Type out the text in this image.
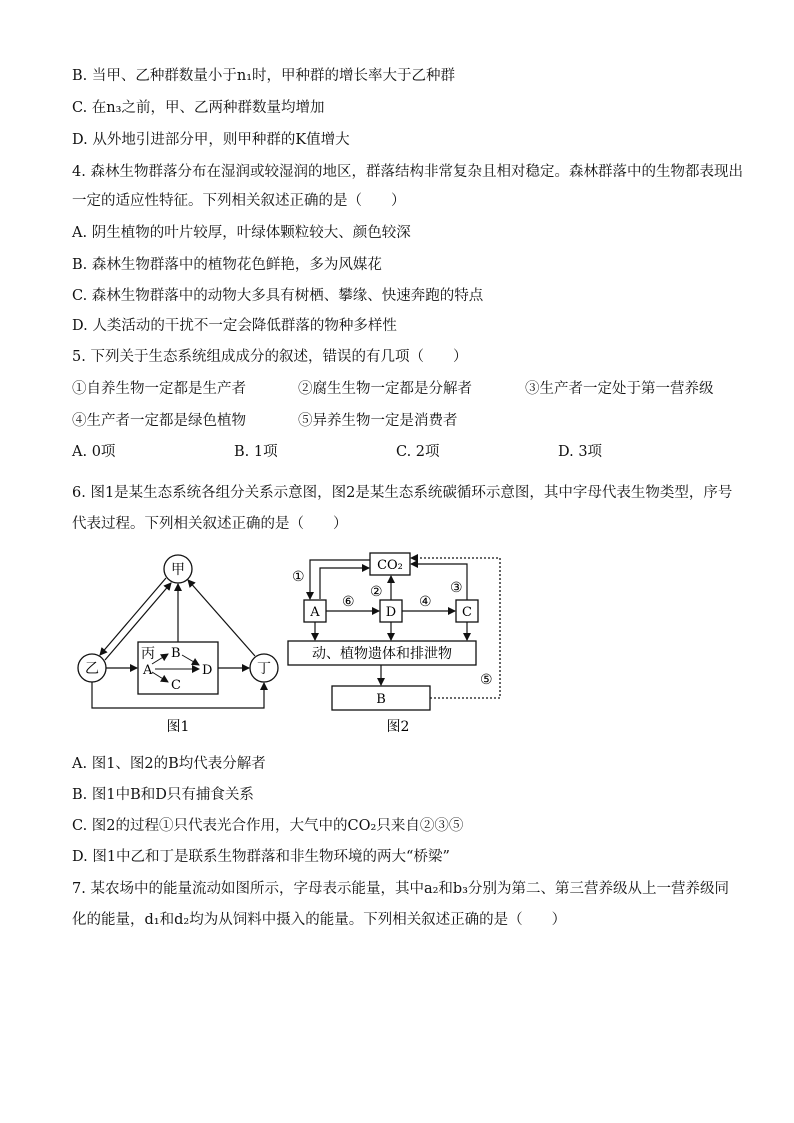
B. 当甲、乙种群数量小于n₁时，甲种群的增长率大于乙种群
C. 在n₃之前，甲、乙两种群数量均增加
D. 从外地引进部分甲，则甲种群的K值增大
4. 森林生物群落分布在湿润或较湿润的地区，群落结构非常复杂且相对稳定。森林群落中的生物都表现出
一定的适应性特征。下列相关叙述正确的是（　　）
A. 阴生植物的叶片较厚，叶绿体颗粒较大、颜色较深
B. 森林生物群落中的植物花色鲜艳，多为风媒花
C. 森林生物群落中的动物大多具有树栖、攀缘、快速奔跑的特点
D. 人类活动的干扰不一定会降低群落的物种多样性
5. 下列关于生态系统组成成分的叙述，错误的有几项（　　）
①自养生物一定都是生产者	②腐生生物一定都是分解者	③生产者一定处于第一营养级
④生产者一定都是绿色植物	⑤异养生物一定是消费者
A. 0项	B. 1项	C. 2项	D. 3项
6. 图1是某生态系统各组分关系示意图，图2是某生态系统碳循环示意图，其中字母代表生物类型，序号
代表过程。下列相关叙述正确的是（　　）
甲
乙	丁
丙
A
B
C
D
图1
CO₂
A	D	C
动、植物遗体和排泄物
B
①
②	③
⑥	④
⑤
图2
A. 图1、图2的B均代表分解者
B. 图1中B和D只有捕食关系
C. 图2的过程①只代表光合作用，大气中的CO₂只来自②③⑤
D. 图1中乙和丁是联系生物群落和非生物环境的两大“桥梁”
7. 某农场中的能量流动如图所示，字母表示能量，其中a₂和b₃分别为第二、第三营养级从上一营养级同
化的能量，d₁和d₂均为从饲料中摄入的能量。下列相关叙述正确的是（　　）
